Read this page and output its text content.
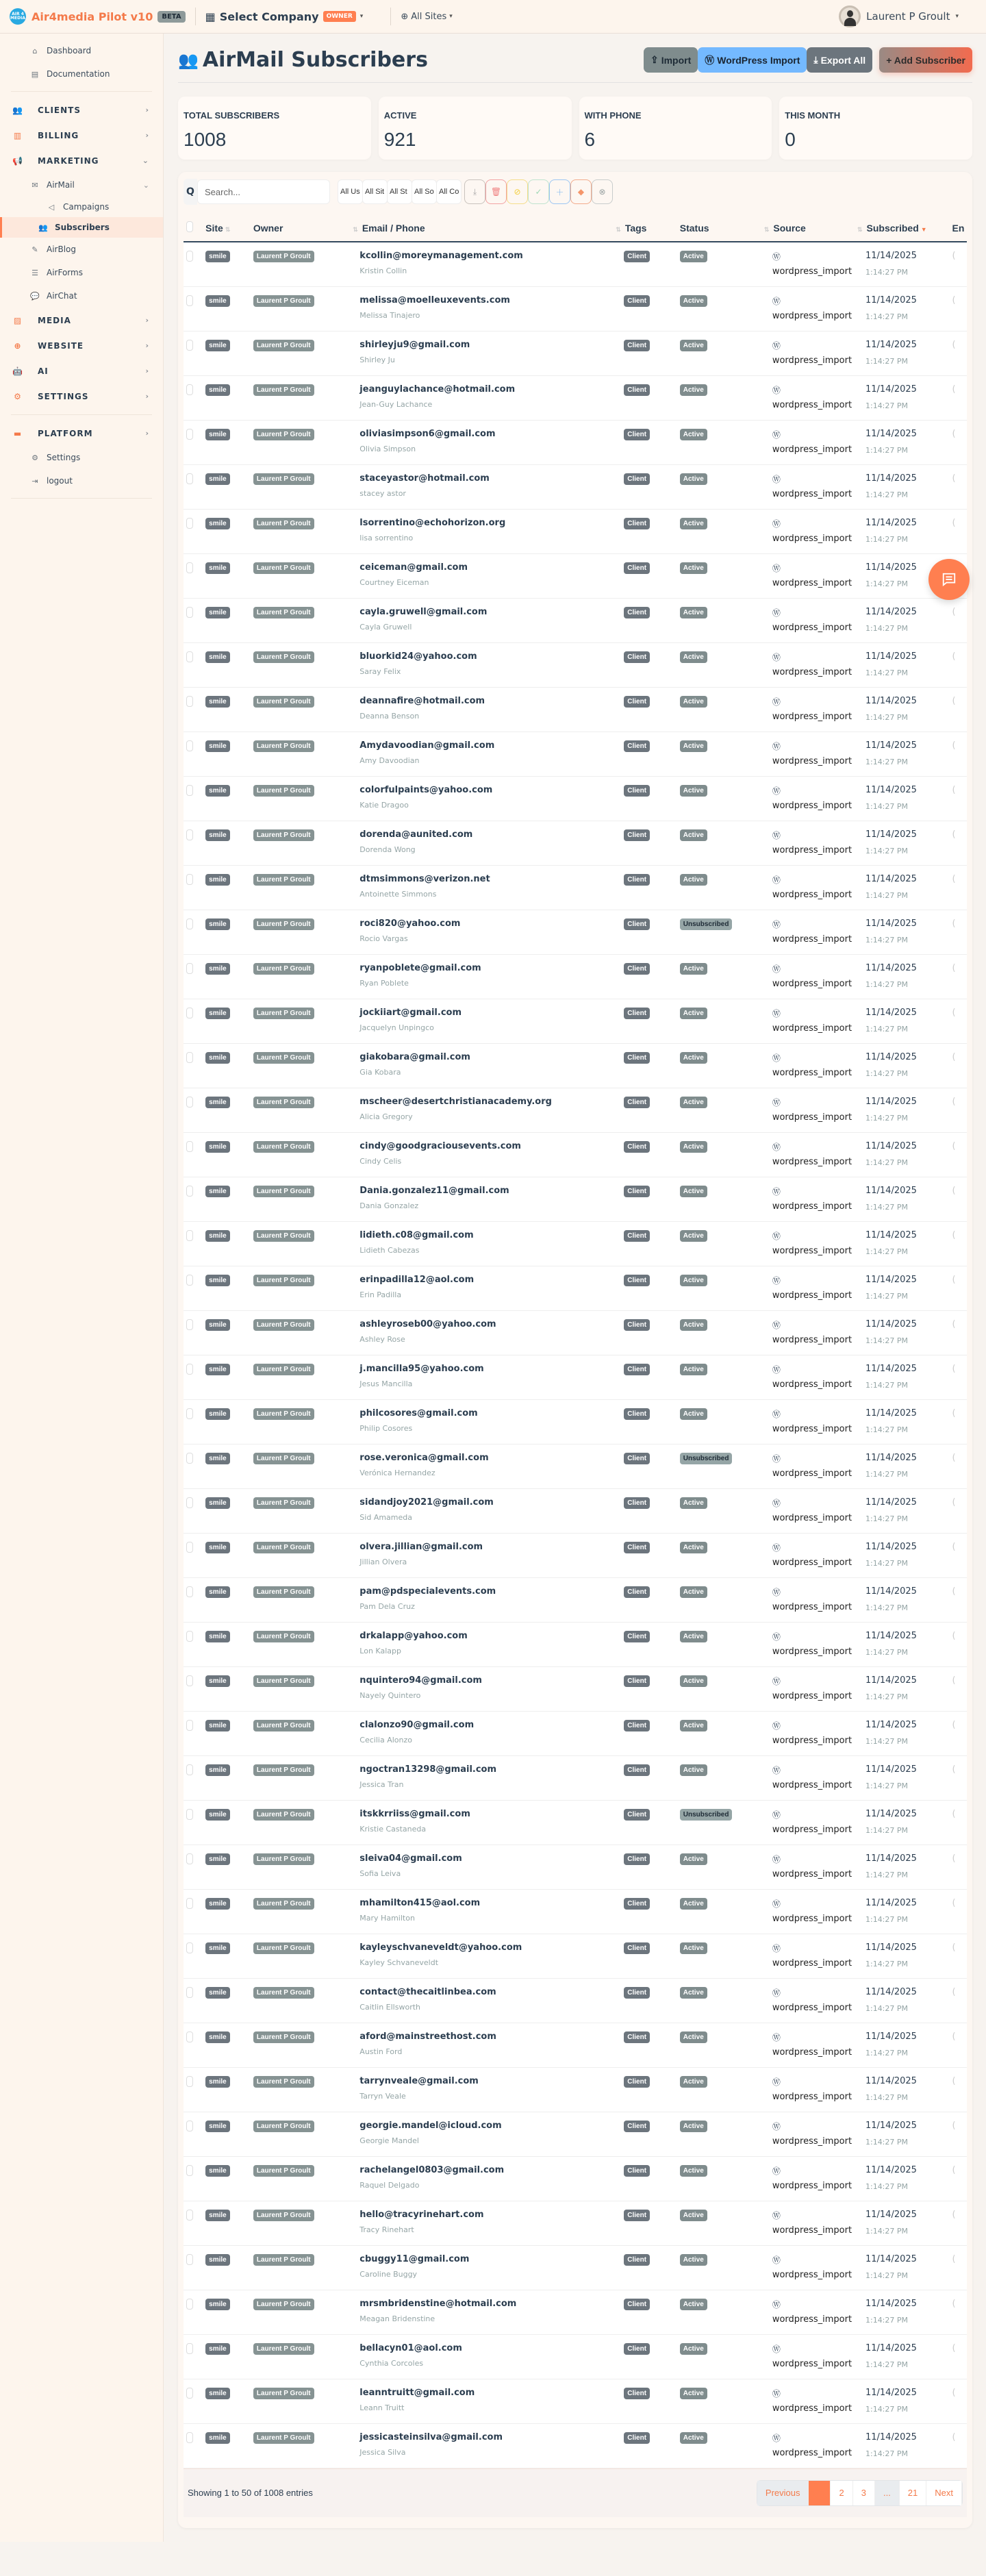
AIR 4 MEDIA Air4media Pilot v10	BETA	▦ Select Company	OWNER	▾	⊕ All Sites ▾	Laurent P Groult ▾
⌂ Dashboard
▤ Documentation
👥 CLIENTS	›
▥ BILLING	›
📢 MARKETING	⌄
✉ AirMail	⌄
◁ Campaigns
👥 Subscribers
✎ AirBlog
☰ AirForms
💬 AirChat
▨ MEDIA	›
⊕ WEBSITE	›
🤖 AI	›
⚙ SETTINGS	›
▬ PLATFORM	›
⚙ Settings
⇥ logout
👥 AirMail Subscribers	⇪ Import Ⓦ WordPress Import ⤓ Export All + Add Subscriber
TOTAL SUBSCRIBERS
1008
ACTIVE
921
WITH PHONE
6
THIS MONTH
0
Q
Search...	All Us All Sit All St All So All Co	⤓ 🗑 ⊘ ✓ ＋ ◆ ⊗
	Site ⇅	Owner	⇅ Email / Phone	⇅ Tags	Status	⇅ Source	⇅ Subscribed ▼	En
	smile	Laurent P Groult	kcollin@moreymanagement.com
Kristin Collin
	Client	Active	Ⓦ
wordpress_import

11/14/2025
1:14:27 PM
	(
	smile	Laurent P Groult	melissa@moelleuxevents.com
Melissa Tinajero
	Client	Active	Ⓦ
wordpress_import

11/14/2025
1:14:27 PM
	(
	smile	Laurent P Groult	shirleyju9@gmail.com
Shirley Ju
	Client	Active	Ⓦ
wordpress_import

11/14/2025
1:14:27 PM
	(
	smile	Laurent P Groult	jeanguylachance@hotmail.com
Jean-Guy Lachance
	Client	Active	Ⓦ
wordpress_import

11/14/2025
1:14:27 PM
	(
	smile	Laurent P Groult	oliviasimpson6@gmail.com
Olivia Simpson
	Client	Active	Ⓦ
wordpress_import

11/14/2025
1:14:27 PM
	(
	smile	Laurent P Groult	staceyastor@hotmail.com
stacey astor
	Client	Active	Ⓦ
wordpress_import

11/14/2025
1:14:27 PM
	(
	smile	Laurent P Groult	lsorrentino@echohorizon.org
lisa sorrentino
	Client	Active	Ⓦ
wordpress_import

11/14/2025
1:14:27 PM
	(
	smile	Laurent P Groult	ceiceman@gmail.com
Courtney Eiceman
	Client	Active	Ⓦ
wordpress_import

11/14/2025
1:14:27 PM

	smile	Laurent P Groult	cayla.gruwell@gmail.com
Cayla Gruwell
	Client	Active	Ⓦ
wordpress_import

11/14/2025
1:14:27 PM
	(
	smile	Laurent P Groult	bluorkid24@yahoo.com
Saray Felix
	Client	Active	Ⓦ
wordpress_import

11/14/2025
1:14:27 PM
	(
	smile	Laurent P Groult	deannafire@hotmail.com
Deanna Benson
	Client	Active	Ⓦ
wordpress_import

11/14/2025
1:14:27 PM
	(
	smile	Laurent P Groult	Amydavoodian@gmail.com
Amy Davoodian
	Client	Active	Ⓦ
wordpress_import

11/14/2025
1:14:27 PM
	(
	smile	Laurent P Groult	colorfulpaints@yahoo.com
Katie Dragoo
	Client	Active	Ⓦ
wordpress_import

11/14/2025
1:14:27 PM
	(
	smile	Laurent P Groult	dorenda@aunited.com
Dorenda Wong
	Client	Active	Ⓦ
wordpress_import

11/14/2025
1:14:27 PM
	(
	smile	Laurent P Groult	dtmsimmons@verizon.net
Antoinette Simmons
	Client	Active	Ⓦ
wordpress_import

11/14/2025
1:14:27 PM
	(
	smile	Laurent P Groult	roci820@yahoo.com
Rocio Vargas
	Client	Unsubscribed	Ⓦ
wordpress_import

11/14/2025
1:14:27 PM
	(
	smile	Laurent P Groult	ryanpoblete@gmail.com
Ryan Poblete
	Client	Active	Ⓦ
wordpress_import

11/14/2025
1:14:27 PM
	(
	smile	Laurent P Groult	jockiiart@gmail.com
Jacquelyn Unpingco
	Client	Active	Ⓦ
wordpress_import

11/14/2025
1:14:27 PM
	(
	smile	Laurent P Groult	giakobara@gmail.com
Gia Kobara
	Client	Active	Ⓦ
wordpress_import

11/14/2025
1:14:27 PM
	(
	smile	Laurent P Groult	mscheer@desertchristianacademy.org
Alicia Gregory
	Client	Active	Ⓦ
wordpress_import

11/14/2025
1:14:27 PM
	(
	smile	Laurent P Groult	cindy@goodgraciousevents.com
Cindy Celis
	Client	Active	Ⓦ
wordpress_import

11/14/2025
1:14:27 PM
	(
	smile	Laurent P Groult	Dania.gonzalez11@gmail.com
Dania Gonzalez
	Client	Active	Ⓦ
wordpress_import

11/14/2025
1:14:27 PM
	(
	smile	Laurent P Groult	lidieth.c08@gmail.com
Lidieth Cabezas
	Client	Active	Ⓦ
wordpress_import

11/14/2025
1:14:27 PM
	(
	smile	Laurent P Groult	erinpadilla12@aol.com
Erin Padilla
	Client	Active	Ⓦ
wordpress_import

11/14/2025
1:14:27 PM
	(
	smile	Laurent P Groult	ashleyroseb00@yahoo.com
Ashley Rose
	Client	Active	Ⓦ
wordpress_import

11/14/2025
1:14:27 PM
	(
	smile	Laurent P Groult	j.mancilla95@yahoo.com
Jesus Mancilla
	Client	Active	Ⓦ
wordpress_import

11/14/2025
1:14:27 PM
	(
	smile	Laurent P Groult	philcosores@gmail.com
Philip Cosores
	Client	Active	Ⓦ
wordpress_import

11/14/2025
1:14:27 PM
	(
	smile	Laurent P Groult	rose.veronica@gmail.com
Verónica Hernandez
	Client	Unsubscribed	Ⓦ
wordpress_import

11/14/2025
1:14:27 PM
	(
	smile	Laurent P Groult	sidandjoy2021@gmail.com
Sid Amameda
	Client	Active	Ⓦ
wordpress_import

11/14/2025
1:14:27 PM
	(
	smile	Laurent P Groult	olvera.jillian@gmail.com
Jillian Olvera
	Client	Active	Ⓦ
wordpress_import

11/14/2025
1:14:27 PM
	(
	smile	Laurent P Groult	pam@pdspecialevents.com
Pam Dela Cruz
	Client	Active	Ⓦ
wordpress_import

11/14/2025
1:14:27 PM
	(
	smile	Laurent P Groult	drkalapp@yahoo.com
Lon Kalapp
	Client	Active	Ⓦ
wordpress_import

11/14/2025
1:14:27 PM
	(
	smile	Laurent P Groult	nquintero94@gmail.com
Nayely Quintero
	Client	Active	Ⓦ
wordpress_import

11/14/2025
1:14:27 PM
	(
	smile	Laurent P Groult	clalonzo90@gmail.com
Cecilia Alonzo
	Client	Active	Ⓦ
wordpress_import

11/14/2025
1:14:27 PM
	(
	smile	Laurent P Groult	ngoctran13298@gmail.com
Jessica Tran
	Client	Active	Ⓦ
wordpress_import

11/14/2025
1:14:27 PM
	(
	smile	Laurent P Groult	itskkrriiss@gmail.com
Kristie Castaneda
	Client	Unsubscribed	Ⓦ
wordpress_import

11/14/2025
1:14:27 PM
	(
	smile	Laurent P Groult	sleiva04@gmail.com
Sofia Leiva
	Client	Active	Ⓦ
wordpress_import

11/14/2025
1:14:27 PM
	(
	smile	Laurent P Groult	mhamilton415@aol.com
Mary Hamilton
	Client	Active	Ⓦ
wordpress_import

11/14/2025
1:14:27 PM
	(
	smile	Laurent P Groult	kayleyschvaneveldt@yahoo.com
Kayley Schvaneveldt
	Client	Active	Ⓦ
wordpress_import

11/14/2025
1:14:27 PM
	(
	smile	Laurent P Groult	contact@thecaitlinbea.com
Caitlin Ellsworth
	Client	Active	Ⓦ
wordpress_import

11/14/2025
1:14:27 PM
	(
	smile	Laurent P Groult	aford@mainstreethost.com
Austin Ford
	Client	Active	Ⓦ
wordpress_import

11/14/2025
1:14:27 PM
	(
	smile	Laurent P Groult	tarrynveale@gmail.com
Tarryn Veale
	Client	Active	Ⓦ
wordpress_import

11/14/2025
1:14:27 PM
	(
	smile	Laurent P Groult	georgie.mandel@icloud.com
Georgie Mandel
	Client	Active	Ⓦ
wordpress_import

11/14/2025
1:14:27 PM
	(
	smile	Laurent P Groult	rachelangel0803@gmail.com
Raquel Delgado
	Client	Active	Ⓦ
wordpress_import

11/14/2025
1:14:27 PM
	(
	smile	Laurent P Groult	hello@tracyrinehart.com
Tracy Rinehart
	Client	Active	Ⓦ
wordpress_import

11/14/2025
1:14:27 PM
	(
	smile	Laurent P Groult	cbuggy11@gmail.com
Caroline Buggy
	Client	Active	Ⓦ
wordpress_import

11/14/2025
1:14:27 PM
	(
	smile	Laurent P Groult	mrsmbridenstine@hotmail.com
Meagan Bridenstine
	Client	Active	Ⓦ
wordpress_import

11/14/2025
1:14:27 PM
	(
	smile	Laurent P Groult	bellacyn01@aol.com
Cynthia Corcoles
	Client	Active	Ⓦ
wordpress_import

11/14/2025
1:14:27 PM
	(
	smile	Laurent P Groult	leanntruitt@gmail.com
Leann Truitt
	Client	Active	Ⓦ
wordpress_import

11/14/2025
1:14:27 PM
	(
	smile	Laurent P Groult	jessicasteinsilva@gmail.com
Jessica Silva
	Client	Active	Ⓦ
wordpress_import

11/14/2025
1:14:27 PM
	(
Showing 1 to 50 of 1008 entries	Previous	2	3	...	21	Next
